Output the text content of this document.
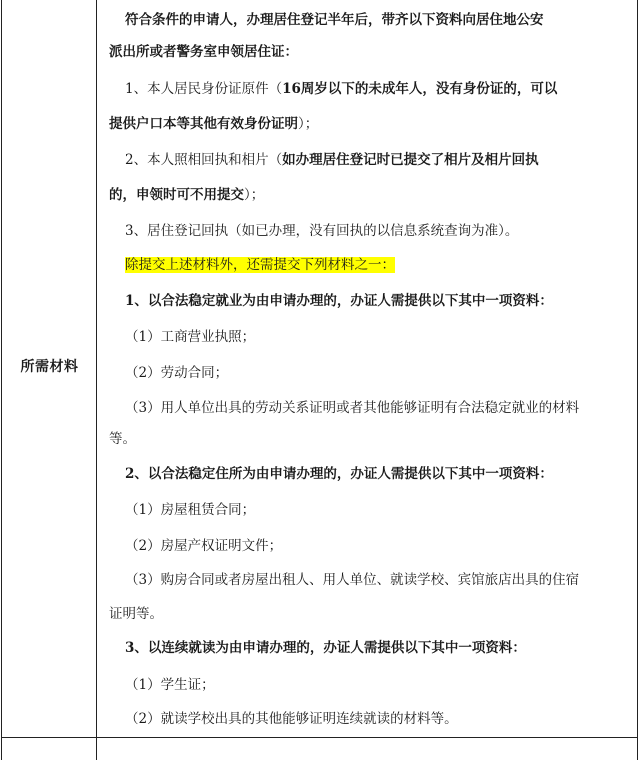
所需材料
符合条件的申请人，办理居住登记半年后，带齐以下资料向居住地公安
派出所或者警务室申领居住证：
1、本人居民身份证原件（16周岁以下的未成年人，没有身份证的，可以
提供户口本等其他有效身份证明）；
2、本人照相回执和相片（如办理居住登记时已提交了相片及相片回执
的，申领时可不用提交）；
3、居住登记回执（如已办理，没有回执的以信息系统查询为准）。
除提交上述材料外，还需提交下列材料之一：
1、以合法稳定就业为由申请办理的，办证人需提供以下其中一项资料：
（1）工商营业执照；
（2）劳动合同；
（3）用人单位出具的劳动关系证明或者其他能够证明有合法稳定就业的材料
等。
2、以合法稳定住所为由申请办理的，办证人需提供以下其中一项资料：
（1）房屋租赁合同；
（2）房屋产权证明文件；
（3）购房合同或者房屋出租人、用人单位、就读学校、宾馆旅店出具的住宿
证明等。
3、以连续就读为由申请办理的，办证人需提供以下其中一项资料：
（1）学生证；
（2）就读学校出具的其他能够证明连续就读的材料等。
